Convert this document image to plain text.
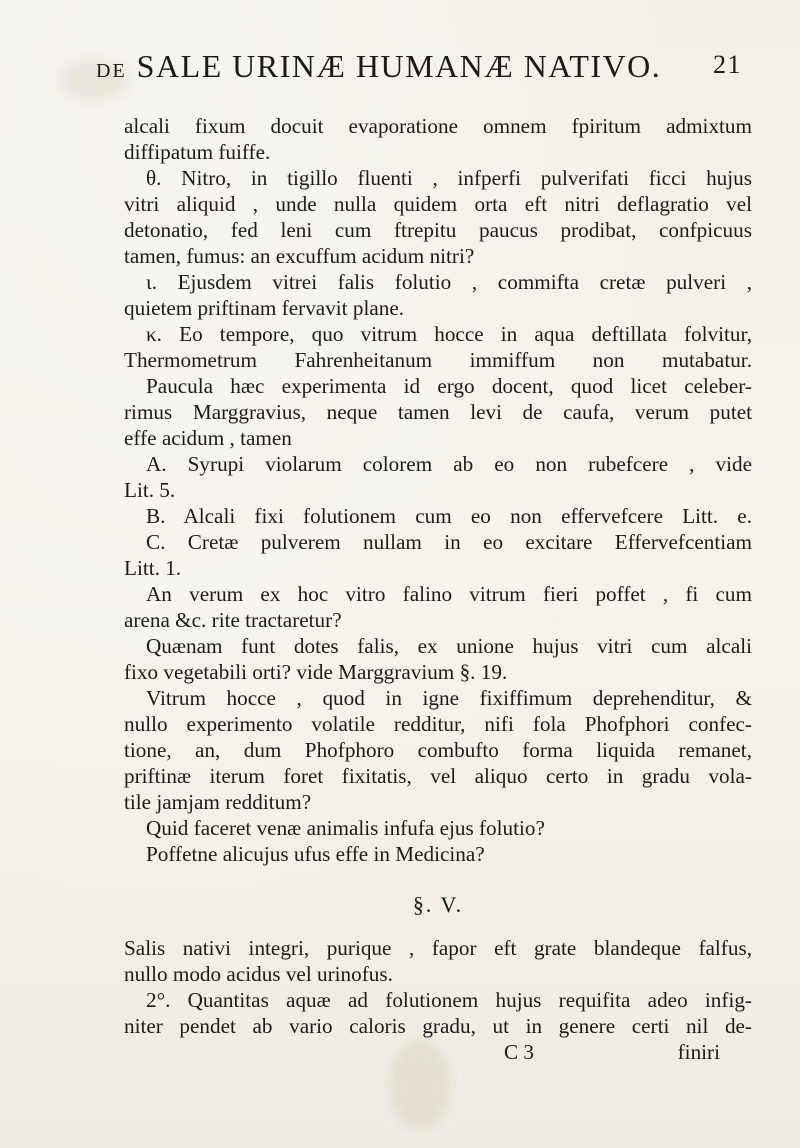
DE SALE URINÆ HUMANÆ NATIVO. 21
alcali fixum docuit evaporatione omnem fpiritum admixtum
diffipatum fuiffe.
θ. Nitro, in tigillo fluenti , infperfi pulverifati ficci hujus
vitri aliquid , unde nulla quidem orta eft nitri deflagratio vel
detonatio, fed leni cum ftrepitu paucus prodibat, confpicuus
tamen, fumus: an excuffum acidum nitri?
ι. Ejusdem vitrei falis folutio , commifta cretæ pulveri ,
quietem priftinam fervavit plane.
κ. Eo tempore, quo vitrum hocce in aqua deftillata folvitur,
Thermometrum Fahrenheitanum immiffum non mutabatur.
Paucula hæc experimenta id ergo docent, quod licet celeber-
rimus Marggravius, neque tamen levi de caufa, verum putet
effe acidum , tamen
A. Syrupi violarum colorem ab eo non rubefcere , vide
Lit. 5.
B. Alcali fixi folutionem cum eo non effervefcere Litt. e.
C. Cretæ pulverem nullam in eo excitare Effervefcentiam
Litt. 1.
An verum ex hoc vitro falino vitrum fieri poffet , fi cum
arena &c. rite tractaretur?
Quænam funt dotes falis, ex unione hujus vitri cum alcali
fixo vegetabili orti? vide Marggravium §. 19.
Vitrum hocce , quod in igne fixiffimum deprehenditur, &
nullo experimento volatile redditur, nifi fola Phofphori confec-
tione, an, dum Phofphoro combufto forma liquida remanet,
priftinæ iterum foret fixitatis, vel aliquo certo in gradu vola-
tile jamjam redditum?
Quid faceret venæ animalis infufa ejus folutio?
Poffetne alicujus ufus effe in Medicina?
§. V.
Salis nativi integri, purique , fapor eft grate blandeque falfus,
nullo modo acidus vel urinofus.
2°. Quantitas aquæ ad folutionem hujus requifita adeo infig-
niter pendet ab vario caloris gradu, ut in genere certi nil de-
C 3	finiri
